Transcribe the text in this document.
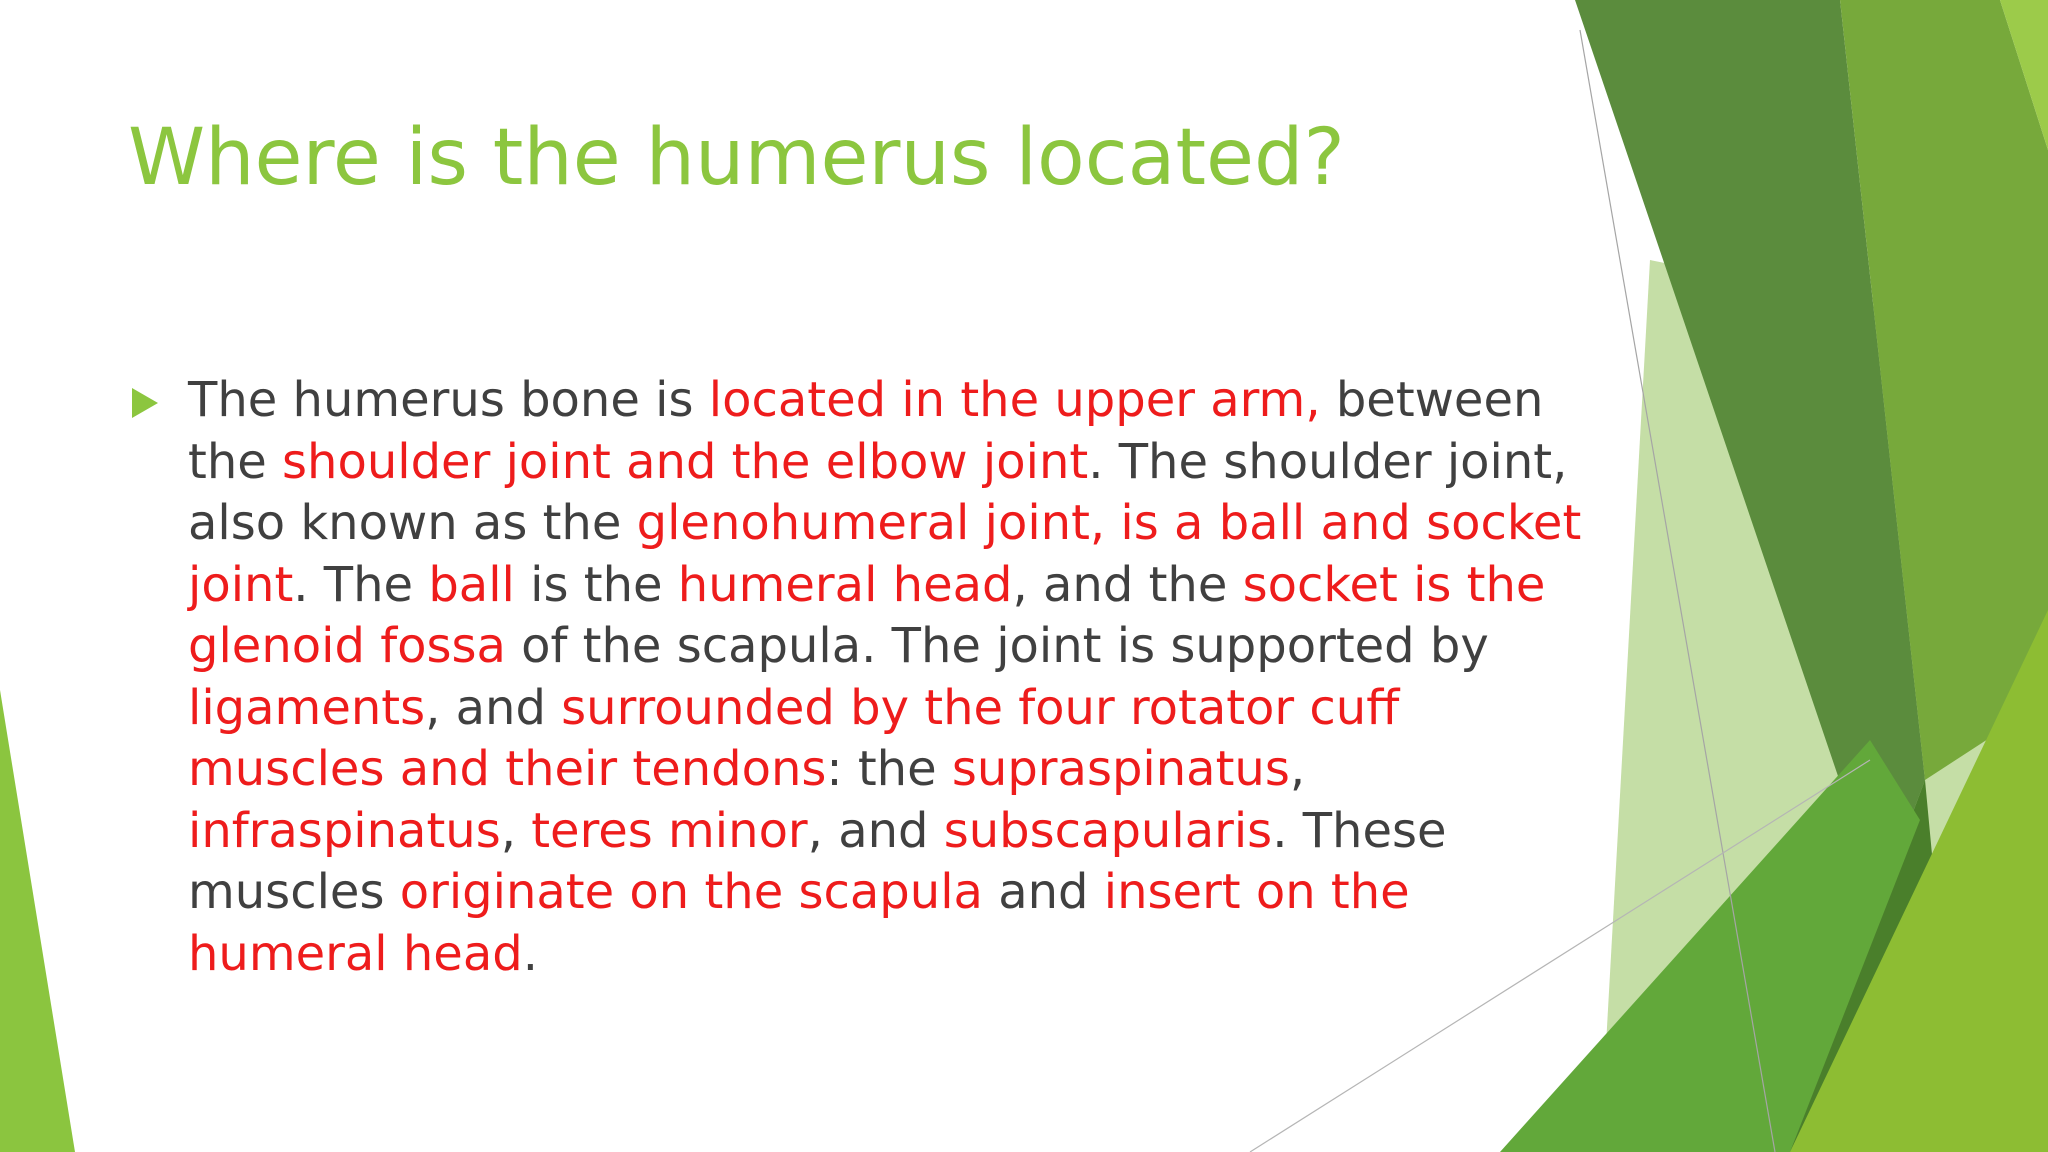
Where is the humerus located?

The humerus bone is located in the upper arm, between
the shoulder joint and the elbow joint. The shoulder joint,
also known as the glenohumeral joint, is a ball and socket
joint. The ball is the humeral head, and the socket is the
glenoid fossa of the scapula. The joint is supported by
ligaments, and surrounded by the four rotator cuff
muscles and their tendons: the supraspinatus,
infraspinatus, teres minor, and subscapularis. These
muscles originate on the scapula and insert on the
humeral head.
